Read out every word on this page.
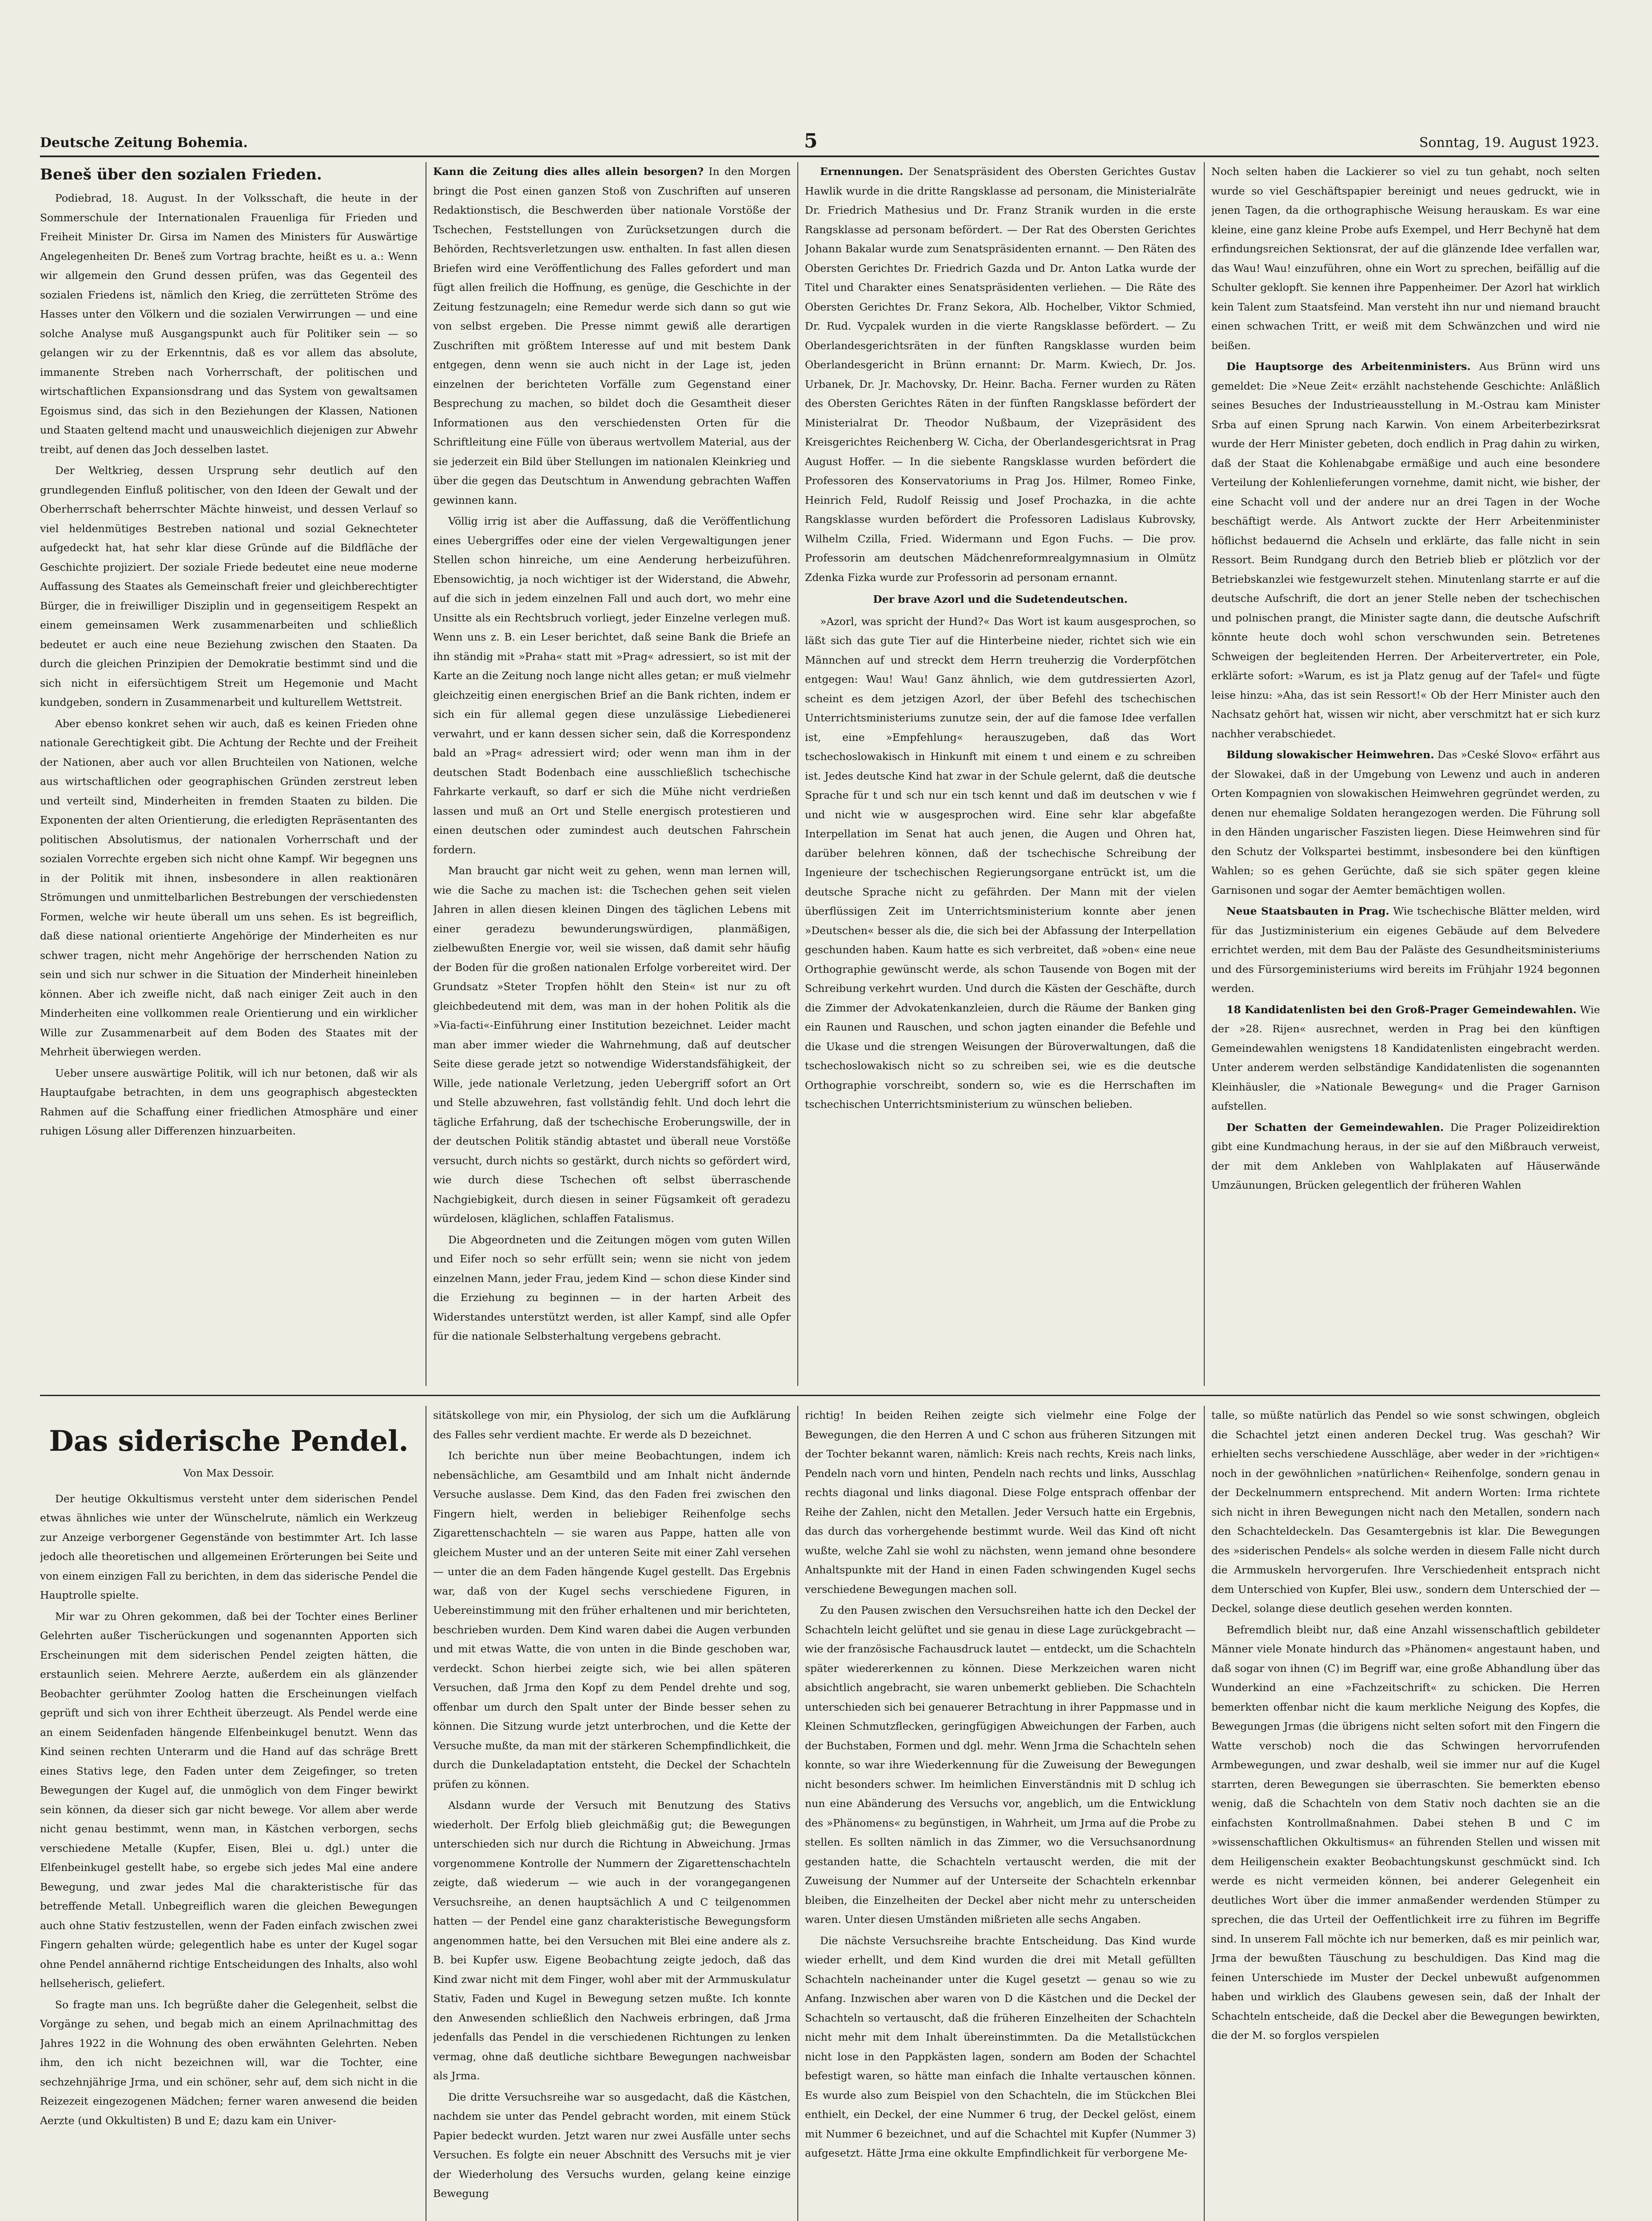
Deutsche Zeitung Bohemia.	5	Sonntag, 19. August 1923.
Beneš über den sozialen Frieden.

Podiebrad, 18. August. In der Volksschaft, die heute in der Sommerschule der Internationalen Frauenliga für Frieden und Freiheit Minister Dr. Girsa im Namen des Ministers für Auswärtige Angelegenheiten Dr. Beneš zum Vortrag brachte, heißt es u. a.: Wenn wir allgemein den Grund dessen prüfen, was das Gegenteil des sozialen Friedens ist, nämlich den Krieg, die zerrütteten Ströme des Hasses unter den Völkern und die sozialen Verwirrungen — und eine solche Analyse muß Ausgangspunkt auch für Politiker sein — so gelangen wir zu der Erkenntnis, daß es vor allem das absolute, immanente Streben nach Vorherrschaft, der politischen und wirtschaftlichen Expansionsdrang und das System von gewaltsamen Egoismus sind, das sich in den Beziehungen der Klassen, Nationen und Staaten geltend macht und unausweichlich diejenigen zur Abwehr treibt, auf denen das Joch desselben lastet.

Der Weltkrieg, dessen Ursprung sehr deutlich auf den grundlegenden Einfluß politischer, von den Ideen der Gewalt und der Oberherrschaft beherrschter Mächte hinweist, und dessen Verlauf so viel heldenmütiges Bestreben national und sozial Geknechteter aufgedeckt hat, hat sehr klar diese Gründe auf die Bildfläche der Geschichte projiziert. Der soziale Friede bedeutet eine neue moderne Auffassung des Staates als Gemeinschaft freier und gleichberechtigter Bürger, die in freiwilliger Disziplin und in gegenseitigem Respekt an einem gemeinsamen Werk zusammenarbeiten und schließlich bedeutet er auch eine neue Beziehung zwischen den Staaten. Da durch die gleichen Prinzipien der Demokratie bestimmt sind und die sich nicht in eifersüchtigem Streit um Hegemonie und Macht kundgeben, sondern in Zusammenarbeit und kulturellem Wettstreit.

Aber ebenso konkret sehen wir auch, daß es keinen Frieden ohne nationale Gerechtigkeit gibt. Die Achtung der Rechte und der Freiheit der Nationen, aber auch vor allen Bruchteilen von Nationen, welche aus wirtschaftlichen oder geographischen Gründen zerstreut leben und verteilt sind, Minderheiten in fremden Staaten zu bilden. Die Exponenten der alten Orientierung, die erledigten Repräsentanten des politischen Absolutismus, der nationalen Vorherrschaft und der sozialen Vorrechte ergeben sich nicht ohne Kampf. Wir begegnen uns in der Politik mit ihnen, insbesondere in allen reaktionären Strömungen und unmittelbarlichen Bestrebungen der verschiedensten Formen, welche wir heute überall um uns sehen. Es ist begreiflich, daß diese national orientierte Angehörige der Minderheiten es nur schwer tragen, nicht mehr Angehörige der herrschenden Nation zu sein und sich nur schwer in die Situation der Minderheit hineinleben können. Aber ich zweifle nicht, daß nach einiger Zeit auch in den Minderheiten eine vollkommen reale Orientierung und ein wirklicher Wille zur Zusammenarbeit auf dem Boden des Staates mit der Mehrheit überwiegen werden.

Ueber unsere auswärtige Politik, will ich nur betonen, daß wir als Hauptaufgabe betrachten, in dem uns geographisch abgesteckten Rahmen auf die Schaffung einer friedlichen Atmosphäre und einer ruhigen Lösung aller Differenzen hinzuarbeiten.

Kann die Zeitung dies alles allein besorgen? In den Morgen bringt die Post einen ganzen Stoß von Zuschriften auf unseren Redaktionstisch, die Beschwerden über nationale Vorstöße der Tschechen, Feststellungen von Zurücksetzungen durch die Behörden, Rechtsverletzungen usw. enthalten. In fast allen diesen Briefen wird eine Veröffentlichung des Falles gefordert und man fügt allen freilich die Hoffnung, es genüge, die Geschichte in der Zeitung festzunageln; eine Remedur werde sich dann so gut wie von selbst ergeben. Die Presse nimmt gewiß alle derartigen Zuschriften mit größtem Interesse auf und mit bestem Dank entgegen, denn wenn sie auch nicht in der Lage ist, jeden einzelnen der berichteten Vorfälle zum Gegenstand einer Besprechung zu machen, so bildet doch die Gesamtheit dieser Informationen aus den verschiedensten Orten für die Schriftleitung eine Fülle von überaus wertvollem Material, aus der sie jederzeit ein Bild über Stellungen im nationalen Kleinkrieg und über die gegen das Deutschtum in Anwendung gebrachten Waffen gewinnen kann.

Völlig irrig ist aber die Auffassung, daß die Veröffentlichung eines Uebergriffes oder eine der vielen Vergewaltigungen jener Stellen schon hinreiche, um eine Aenderung herbeizuführen. Ebensowichtig, ja noch wichtiger ist der Widerstand, die Abwehr, auf die sich in jedem einzelnen Fall und auch dort, wo mehr eine Unsitte als ein Rechtsbruch vorliegt, jeder Einzelne verlegen muß. Wenn uns z. B. ein Leser berichtet, daß seine Bank die Briefe an ihn ständig mit »Praha« statt mit »Prag« adressiert, so ist mit der Karte an die Zeitung noch lange nicht alles getan; er muß vielmehr gleichzeitig einen energischen Brief an die Bank richten, indem er sich ein für allemal gegen diese unzulässige Liebedienerei verwahrt, und er kann dessen sicher sein, daß die Korrespondenz bald an »Prag« adressiert wird; oder wenn man ihm in der deutschen Stadt Bodenbach eine ausschließlich tschechische Fahrkarte verkauft, so darf er sich die Mühe nicht verdrießen lassen und muß an Ort und Stelle energisch protestieren und einen deutschen oder zumindest auch deutschen Fahrschein fordern.

Man braucht gar nicht weit zu gehen, wenn man lernen will, wie die Sache zu machen ist: die Tschechen gehen seit vielen Jahren in allen diesen kleinen Dingen des täglichen Lebens mit einer geradezu bewunderungswürdigen, planmäßigen, zielbewußten Energie vor, weil sie wissen, daß damit sehr häufig der Boden für die großen nationalen Erfolge vorbereitet wird. Der Grundsatz »Steter Tropfen höhlt den Stein« ist nur zu oft gleichbedeutend mit dem, was man in der hohen Politik als die »Via-facti«-Einführung einer Institution bezeichnet. Leider macht man aber immer wieder die Wahrnehmung, daß auf deutscher Seite diese gerade jetzt so notwendige Widerstandsfähigkeit, der Wille, jede nationale Verletzung, jeden Uebergriff sofort an Ort und Stelle abzuwehren, fast vollständig fehlt. Und doch lehrt die tägliche Erfahrung, daß der tschechische Eroberungswille, der in der deutschen Politik ständig abtastet und überall neue Vorstöße versucht, durch nichts so gestärkt, durch nichts so gefördert wird, wie durch diese Tschechen oft selbst überraschende Nachgiebigkeit, durch diesen in seiner Fügsamkeit oft geradezu würdelosen, kläglichen, schlaffen Fatalismus.

Die Abgeordneten und die Zeitungen mögen vom guten Willen und Eifer noch so sehr erfüllt sein; wenn sie nicht von jedem einzelnen Mann, jeder Frau, jedem Kind — schon diese Kinder sind die Erziehung zu beginnen — in der harten Arbeit des Widerstandes unterstützt werden, ist aller Kampf, sind alle Opfer für die nationale Selbsterhaltung vergebens gebracht.

Ernennungen. Der Senatspräsident des Obersten Gerichtes Gustav Hawlik wurde in die dritte Rangsklasse ad personam, die Ministerialräte Dr. Friedrich Mathesius und Dr. Franz Stranik wurden in die erste Rangsklasse ad personam befördert. — Der Rat des Obersten Gerichtes Johann Bakalar wurde zum Senatspräsidenten ernannt. — Den Räten des Obersten Gerichtes Dr. Friedrich Gazda und Dr. Anton Latka wurde der Titel und Charakter eines Senatspräsidenten verliehen. — Die Räte des Obersten Gerichtes Dr. Franz Sekora, Alb. Hochelber, Viktor Schmied, Dr. Rud. Vycpalek wurden in die vierte Rangsklasse befördert. — Zu Oberlandesgerichtsräten in der fünften Rangsklasse wurden beim Oberlandesgericht in Brünn ernannt: Dr. Marm. Kwiech, Dr. Jos. Urbanek, Dr. Jr. Machovsky, Dr. Heinr. Bacha. Ferner wurden zu Räten des Obersten Gerichtes Räten in der fünften Rangsklasse befördert der Ministerialrat Dr. Theodor Nußbaum, der Vizepräsident des Kreisgerichtes Reichenberg W. Cicha, der Oberlandesgerichtsrat in Prag August Hoffer. — In die siebente Rangsklasse wurden befördert die Professoren des Konservatoriums in Prag Jos. Hilmer, Romeo Finke, Heinrich Feld, Rudolf Reissig und Josef Prochazka, in die achte Rangsklasse wurden befördert die Professoren Ladislaus Kubrovsky, Wilhelm Czilla, Fried. Widermann und Egon Fuchs. — Die prov. Professorin am deutschen Mädchenreformrealgymnasium in Olmütz Zdenka Fizka wurde zur Professorin ad personam ernannt.

Der brave Azorl und die Sudetendeutschen.

»Azorl, was spricht der Hund?« Das Wort ist kaum ausgesprochen, so läßt sich das gute Tier auf die Hinterbeine nieder, richtet sich wie ein Männchen auf und streckt dem Herrn treuherzig die Vorderpfötchen entgegen: Wau! Wau! Ganz ähnlich, wie dem gutdressierten Azorl, scheint es dem jetzigen Azorl, der über Befehl des tschechischen Unterrichtsministeriums zunutze sein, der auf die famose Idee verfallen ist, eine »Empfehlung« herauszugeben, daß das Wort tschechoslowakisch in Hinkunft mit einem t und einem e zu schreiben ist. Jedes deutsche Kind hat zwar in der Schule gelernt, daß die deutsche Sprache für t und sch nur ein tsch kennt und daß im deutschen v wie f und nicht wie w ausgesprochen wird. Eine sehr klar abgefaßte Interpellation im Senat hat auch jenen, die Augen und Ohren hat, darüber belehren können, daß der tschechische Schreibung der Ingenieure der tschechischen Regierungsorgane entrückt ist, um die deutsche Sprache nicht zu gefährden. Der Mann mit der vielen überflüssigen Zeit im Unterrichtsministerium konnte aber jenen »Deutschen« besser als die, die sich bei der Abfassung der Interpellation geschunden haben. Kaum hatte es sich verbreitet, daß »oben« eine neue Orthographie gewünscht werde, als schon Tausende von Bogen mit der Schreibung verkehrt wurden. Und durch die Kästen der Geschäfte, durch die Zimmer der Advokatenkanzleien, durch die Räume der Banken ging ein Raunen und Rauschen, und schon jagten einander die Befehle und die Ukase und die strengen Weisungen der Büroverwaltungen, daß die tschechoslowakisch nicht so zu schreiben sei, wie es die deutsche Orthographie vorschreibt, sondern so, wie es die Herrschaften im tschechischen Unterrichtsministerium zu wünschen belieben.

Noch selten haben die Lackierer so viel zu tun gehabt, noch selten wurde so viel Geschäftspapier bereinigt und neues gedruckt, wie in jenen Tagen, da die orthographische Weisung herauskam. Es war eine kleine, eine ganz kleine Probe aufs Exempel, und Herr Bechyně hat dem erfindungsreichen Sektionsrat, der auf die glänzende Idee verfallen war, das Wau! Wau! einzuführen, ohne ein Wort zu sprechen, beifällig auf die Schulter geklopft. Sie kennen ihre Pappenheimer. Der Azorl hat wirklich kein Talent zum Staatsfeind. Man versteht ihn nur und niemand braucht einen schwachen Tritt, er weiß mit dem Schwänzchen und wird nie beißen.

Die Hauptsorge des Arbeitenministers. Aus Brünn wird uns gemeldet: Die »Neue Zeit« erzählt nachstehende Geschichte: Anläßlich seines Besuches der Industrieausstellung in M.-Ostrau kam Minister Srba auf einen Sprung nach Karwin. Von einem Arbeiterbezirksrat wurde der Herr Minister gebeten, doch endlich in Prag dahin zu wirken, daß der Staat die Kohlenabgabe ermäßige und auch eine besondere Verteilung der Kohlenlieferungen vornehme, damit nicht, wie bisher, der eine Schacht voll und der andere nur an drei Tagen in der Woche beschäftigt werde. Als Antwort zuckte der Herr Arbeitenminister höflichst bedauernd die Achseln und erklärte, das falle nicht in sein Ressort. Beim Rundgang durch den Betrieb blieb er plötzlich vor der Betriebskanzlei wie festgewurzelt stehen. Minutenlang starrte er auf die deutsche Aufschrift, die dort an jener Stelle neben der tschechischen und polnischen prangt, die Minister sagte dann, die deutsche Aufschrift könnte heute doch wohl schon verschwunden sein. Betretenes Schweigen der begleitenden Herren. Der Arbeitervertreter, ein Pole, erklärte sofort: »Warum, es ist ja Platz genug auf der Tafel« und fügte leise hinzu: »Aha, das ist sein Ressort!« Ob der Herr Minister auch den Nachsatz gehört hat, wissen wir nicht, aber verschmitzt hat er sich kurz nachher verabschiedet.

Bildung slowakischer Heimwehren. Das »Ceské Slovo« erfährt aus der Slowakei, daß in der Umgebung von Lewenz und auch in anderen Orten Kompagnien von slowakischen Heimwehren gegründet werden, zu denen nur ehemalige Soldaten herangezogen werden. Die Führung soll in den Händen ungarischer Faszisten liegen. Diese Heimwehren sind für den Schutz der Volkspartei bestimmt, insbesondere bei den künftigen Wahlen; so es gehen Gerüchte, daß sie sich später gegen kleine Garnisonen und sogar der Aemter bemächtigen wollen.

Neue Staatsbauten in Prag. Wie tschechische Blätter melden, wird für das Justizministerium ein eigenes Gebäude auf dem Belvedere errichtet werden, mit dem Bau der Paläste des Gesundheitsministeriums und des Fürsorgeministeriums wird bereits im Frühjahr 1924 begonnen werden.

18 Kandidatenlisten bei den Groß-Prager Gemeindewahlen. Wie der »28. Rijen« ausrechnet, werden in Prag bei den künftigen Gemeindewahlen wenigstens 18 Kandidatenlisten eingebracht werden. Unter anderem werden selbständige Kandidatenlisten die sogenannten Kleinhäusler, die »Nationale Bewegung« und die Prager Garnison aufstellen.

Der Schatten der Gemeindewahlen. Die Prager Polizeidirektion gibt eine Kundmachung heraus, in der sie auf den Mißbrauch verweist, der mit dem Ankleben von Wahlplakaten auf Häuserwände Umzäunungen, Brücken gelegentlich der früheren Wahlen

Das siderische Pendel.
Von Max Dessoir.

Der heutige Okkultismus versteht unter dem siderischen Pendel etwas ähnliches wie unter der Wünschelrute, nämlich ein Werkzeug zur Anzeige verborgener Gegenstände von bestimmter Art. Ich lasse jedoch alle theoretischen und allgemeinen Erörterungen bei Seite und von einem einzigen Fall zu berichten, in dem das siderische Pendel die Hauptrolle spielte.

Mir war zu Ohren gekommen, daß bei der Tochter eines Berliner Gelehrten außer Tischerückungen und sogenannten Apporten sich Erscheinungen mit dem siderischen Pendel zeigten hätten, die erstaunlich seien. Mehrere Aerzte, außerdem ein als glänzender Beobachter gerühmter Zoolog hatten die Erscheinungen vielfach geprüft und sich von ihrer Echtheit überzeugt. Als Pendel werde eine an einem Seidenfaden hängende Elfenbeinkugel benutzt. Wenn das Kind seinen rechten Unterarm und die Hand auf das schräge Brett eines Stativs lege, den Faden unter dem Zeigefinger, so treten Bewegungen der Kugel auf, die unmöglich von dem Finger bewirkt sein können, da dieser sich gar nicht bewege. Vor allem aber werde nicht genau bestimmt, wenn man, in Kästchen verborgen, sechs verschiedene Metalle (Kupfer, Eisen, Blei u. dgl.) unter die Elfenbeinkugel gestellt habe, so ergebe sich jedes Mal eine andere Bewegung, und zwar jedes Mal die charakteristische für das betreffende Metall. Unbegreiflich waren die gleichen Bewegungen auch ohne Stativ festzustellen, wenn der Faden einfach zwischen zwei Fingern gehalten würde; gelegentlich habe es unter der Kugel sogar ohne Pendel annähernd richtige Entscheidungen des Inhalts, also wohl hellseherisch, geliefert.

So fragte man uns. Ich begrüßte daher die Gelegenheit, selbst die Vorgänge zu sehen, und begab mich an einem Aprilnachmittag des Jahres 1922 in die Wohnung des oben erwähnten Gelehrten. Neben ihm, den ich nicht bezeichnen will, war die Tochter, eine sechzehnjährige Jrma, und ein schöner, sehr auf, dem sich nicht in die Reizezeit eingezogenen Mädchen; ferner waren anwesend die beiden Aerzte (und Okkultisten) B und E; dazu kam ein Univer-

sitätskollege von mir, ein Physiolog, der sich um die Aufklärung des Falles sehr verdient machte. Er werde als D bezeichnet.

Ich berichte nun über meine Beobachtungen, indem ich nebensächliche, am Gesamtbild und am Inhalt nicht ändernde Versuche auslasse. Dem Kind, das den Faden frei zwischen den Fingern hielt, werden in beliebiger Reihenfolge sechs Zigarettenschachteln — sie waren aus Pappe, hatten alle von gleichem Muster und an der unteren Seite mit einer Zahl versehen — unter die an dem Faden hängende Kugel gestellt. Das Ergebnis war, daß von der Kugel sechs verschiedene Figuren, in Uebereinstimmung mit den früher erhaltenen und mir berichteten, beschrieben wurden. Dem Kind waren dabei die Augen verbunden und mit etwas Watte, die von unten in die Binde geschoben war, verdeckt. Schon hierbei zeigte sich, wie bei allen späteren Versuchen, daß Jrma den Kopf zu dem Pendel drehte und sog, offenbar um durch den Spalt unter der Binde besser sehen zu können. Die Sitzung wurde jetzt unterbrochen, und die Kette der Versuche mußte, da man mit der stärkeren Schempfindlichkeit, die durch die Dunkeladaptation entsteht, die Deckel der Schachteln prüfen zu können.

Alsdann wurde der Versuch mit Benutzung des Stativs wiederholt. Der Erfolg blieb gleichmäßig gut; die Bewegungen unterschieden sich nur durch die Richtung in Abweichung. Jrmas vorgenommene Kontrolle der Nummern der Zigarettenschachteln zeigte, daß wiederum — wie auch in der vorangegangenen Versuchsreihe, an denen hauptsächlich A und C teilgenommen hatten — der Pendel eine ganz charakteristische Bewegungsform angenommen hatte, bei den Versuchen mit Blei eine andere als z. B. bei Kupfer usw. Eigene Beobachtung zeigte jedoch, daß das Kind zwar nicht mit dem Finger, wohl aber mit der Armmuskulatur Stativ, Faden und Kugel in Bewegung setzen mußte. Ich konnte den Anwesenden schließlich den Nachweis erbringen, daß Jrma jedenfalls das Pendel in die verschiedenen Richtungen zu lenken vermag, ohne daß deutliche sichtbare Bewegungen nachweisbar als Jrma.

Die dritte Versuchsreihe war so ausgedacht, daß die Kästchen, nachdem sie unter das Pendel gebracht worden, mit einem Stück Papier bedeckt wurden. Jetzt waren nur zwei Ausfälle unter sechs Versuchen. Es folgte ein neuer Abschnitt des Versuchs mit je vier der Wiederholung des Versuchs wurden, gelang keine einzige Bewegung

richtig! In beiden Reihen zeigte sich vielmehr eine Folge der Bewegungen, die den Herren A und C schon aus früheren Sitzungen mit der Tochter bekannt waren, nämlich: Kreis nach rechts, Kreis nach links, Pendeln nach vorn und hinten, Pendeln nach rechts und links, Ausschlag rechts diagonal und links diagonal. Diese Folge entsprach offenbar der Reihe der Zahlen, nicht den Metallen. Jeder Versuch hatte ein Ergebnis, das durch das vorhergehende bestimmt wurde. Weil das Kind oft nicht wußte, welche Zahl sie wohl zu nächsten, wenn jemand ohne besondere Anhaltspunkte mit der Hand in einen Faden schwingenden Kugel sechs verschiedene Bewegungen machen soll.

Zu den Pausen zwischen den Versuchsreihen hatte ich den Deckel der Schachteln leicht gelüftet und sie genau in diese Lage zurückgebracht — wie der französische Fachausdruck lautet — entdeckt, um die Schachteln später wiedererkennen zu können. Diese Merkzeichen waren nicht absichtlich angebracht, sie waren unbemerkt geblieben. Die Schachteln unterschieden sich bei genauerer Betrachtung in ihrer Pappmasse und in Kleinen Schmutzflecken, geringfügigen Abweichungen der Farben, auch der Buchstaben, Formen und dgl. mehr. Wenn Jrma die Schachteln sehen konnte, so war ihre Wiederkennung für die Zuweisung der Bewegungen nicht besonders schwer. Im heimlichen Einverständnis mit D schlug ich nun eine Abänderung des Versuchs vor, angeblich, um die Entwicklung des »Phänomens« zu begünstigen, in Wahrheit, um Jrma auf die Probe zu stellen. Es sollten nämlich in das Zimmer, wo die Versuchsanordnung gestanden hatte, die Schachteln vertauscht werden, die mit der Zuweisung der Nummer auf der Unterseite der Schachteln erkennbar bleiben, die Einzelheiten der Deckel aber nicht mehr zu unterscheiden waren. Unter diesen Umständen mißrieten alle sechs Angaben.

Die nächste Versuchsreihe brachte Entscheidung. Das Kind wurde wieder erhellt, und dem Kind wurden die drei mit Metall gefüllten Schachteln nacheinander unter die Kugel gesetzt — genau so wie zu Anfang. Inzwischen aber waren von D die Kästchen und die Deckel der Schachteln so vertauscht, daß die früheren Einzelheiten der Schachteln nicht mehr mit dem Inhalt übereinstimmten. Da die Metallstückchen nicht lose in den Pappkästen lagen, sondern am Boden der Schachtel befestigt waren, so hätte man einfach die Inhalte vertauschen können. Es wurde also zum Beispiel von den Schachteln, die im Stückchen Blei enthielt, ein Deckel, der eine Nummer 6 trug, der Deckel gelöst, einem mit Nummer 6 bezeichnet, und auf die Schachtel mit Kupfer (Nummer 3) aufgesetzt. Hätte Jrma eine okkulte Empfindlichkeit für verborgene Me-

talle, so müßte natürlich das Pendel so wie sonst schwingen, obgleich die Schachtel jetzt einen anderen Deckel trug. Was geschah? Wir erhielten sechs verschiedene Ausschläge, aber weder in der »richtigen« noch in der gewöhnlichen »natürlichen« Reihenfolge, sondern genau in der Deckelnummern entsprechend. Mit andern Worten: Irma richtete sich nicht in ihren Bewegungen nicht nach den Metallen, sondern nach den Schachteldeckeln. Das Gesamtergebnis ist klar. Die Bewegungen des »siderischen Pendels« als solche werden in diesem Falle nicht durch die Armmuskeln hervorgerufen. Ihre Verschiedenheit entsprach nicht dem Unterschied von Kupfer, Blei usw., sondern dem Unterschied der — Deckel, solange diese deutlich gesehen werden konnten.

Befremdlich bleibt nur, daß eine Anzahl wissenschaftlich gebildeter Männer viele Monate hindurch das »Phänomen« angestaunt haben, und daß sogar von ihnen (C) im Begriff war, eine große Abhandlung über das Wunderkind an eine »Fachzeitschrift« zu schicken. Die Herren bemerkten offenbar nicht die kaum merkliche Neigung des Kopfes, die Bewegungen Jrmas (die übrigens nicht selten sofort mit den Fingern die Watte verschob) noch die das Schwingen hervorrufenden Armbewegungen, und zwar deshalb, weil sie immer nur auf die Kugel starrten, deren Bewegungen sie überraschten. Sie bemerkten ebenso wenig, daß die Schachteln von dem Stativ noch dachten sie an die einfachsten Kontrollmaßnahmen. Dabei stehen B und C im »wissenschaftlichen Okkultismus« an führenden Stellen und wissen mit dem Heiligenschein exakter Beobachtungskunst geschmückt sind. Ich werde es nicht vermeiden können, bei anderer Gelegenheit ein deutliches Wort über die immer anmaßender werdenden Stümper zu sprechen, die das Urteil der Oeffentlichkeit irre zu führen im Begriffe sind. In unserem Fall möchte ich nur bemerken, daß es mir peinlich war, Jrma der bewußten Täuschung zu beschuldigen. Das Kind mag die feinen Unterschiede im Muster der Deckel unbewußt aufgenommen haben und wirklich des Glaubens gewesen sein, daß der Inhalt der Schachteln entscheide, daß die Deckel aber die Bewegungen bewirkten, die der M. so forglos verspielen
